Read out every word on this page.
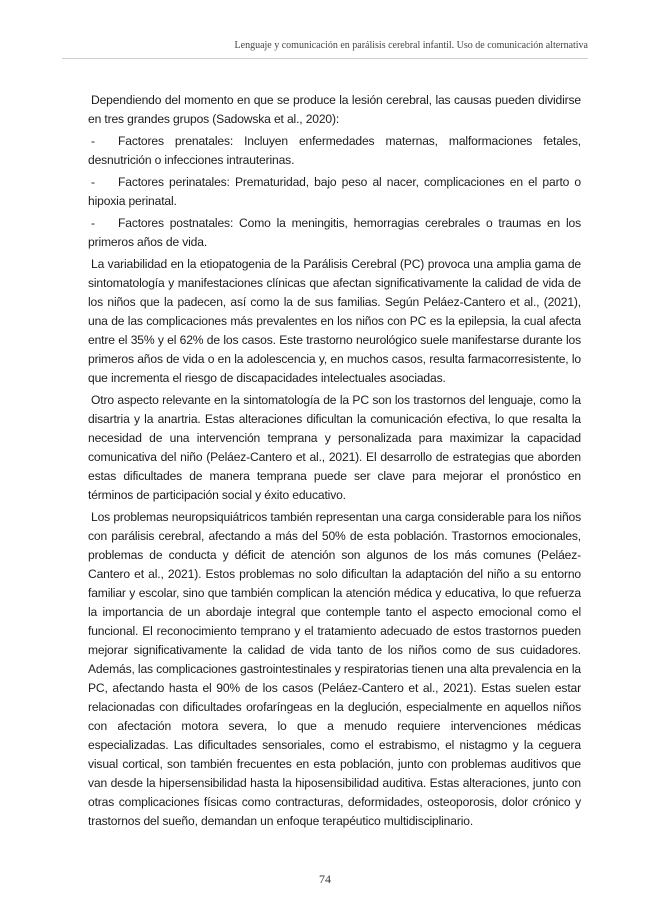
Lenguaje y comunicación en parálisis cerebral infantil. Uso de comunicación alternativa

Dependiendo del momento en que se produce la lesión cerebral, las causas pueden dividirse en tres grandes grupos (Sadowska et al., 2020):

- Factores prenatales: Incluyen enfermedades maternas, malformaciones fetales, desnutrición o infecciones intrauterinas.

- Factores perinatales: Prematuridad, bajo peso al nacer, complicaciones en el parto o hipoxia perinatal.

- Factores postnatales: Como la meningitis, hemorragias cerebrales o traumas en los primeros años de vida.

La variabilidad en la etiopatogenia de la Parálisis Cerebral (PC) provoca una amplia gama de sintomatología y manifestaciones clínicas que afectan significativamente la calidad de vida de los niños que la padecen, así como la de sus familias. Según Peláez-Cantero et al., (2021), una de las complicaciones más prevalentes en los niños con PC es la epilepsia, la cual afecta entre el 35% y el 62% de los casos. Este trastorno neurológico suele manifestarse durante los primeros años de vida o en la adolescencia y, en muchos casos, resulta farmacorresistente, lo que incrementa el riesgo de discapacidades intelectuales asociadas.

Otro aspecto relevante en la sintomatología de la PC son los trastornos del lenguaje, como la disartria y la anartria. Estas alteraciones dificultan la comunicación efectiva, lo que resalta la necesidad de una intervención temprana y personalizada para maximizar la capacidad comunicativa del niño (Peláez-Cantero et al., 2021). El desarrollo de estrategias que aborden estas dificultades de manera temprana puede ser clave para mejorar el pronóstico en términos de participación social y éxito educativo.

Los problemas neuropsiquiátricos también representan una carga considerable para los niños con parálisis cerebral, afectando a más del 50% de esta población. Trastornos emocionales, problemas de conducta y déficit de atención son algunos de los más comunes (Peláez-Cantero et al., 2021). Estos problemas no solo dificultan la adaptación del niño a su entorno familiar y escolar, sino que también complican la atención médica y educativa, lo que refuerza la importancia de un abordaje integral que contemple tanto el aspecto emocional como el funcional. El reconocimiento temprano y el tratamiento adecuado de estos trastornos pueden mejorar significativamente la calidad de vida tanto de los niños como de sus cuidadores. Además, las complicaciones gastrointestinales y respiratorias tienen una alta prevalencia en la PC, afectando hasta el 90% de los casos (Peláez-Cantero et al., 2021). Estas suelen estar relacionadas con dificultades orofaríngeas en la deglución, especialmente en aquellos niños con afectación motora severa, lo que a menudo requiere intervenciones médicas especializadas. Las dificultades sensoriales, como el estrabismo, el nistagmo y la ceguera visual cortical, son también frecuentes en esta población, junto con problemas auditivos que van desde la hipersensibilidad hasta la hiposensibilidad auditiva. Estas alteraciones, junto con otras complicaciones físicas como contracturas, deformidades, osteoporosis, dolor crónico y trastornos del sueño, demandan un enfoque terapéutico multidisciplinario.

74
